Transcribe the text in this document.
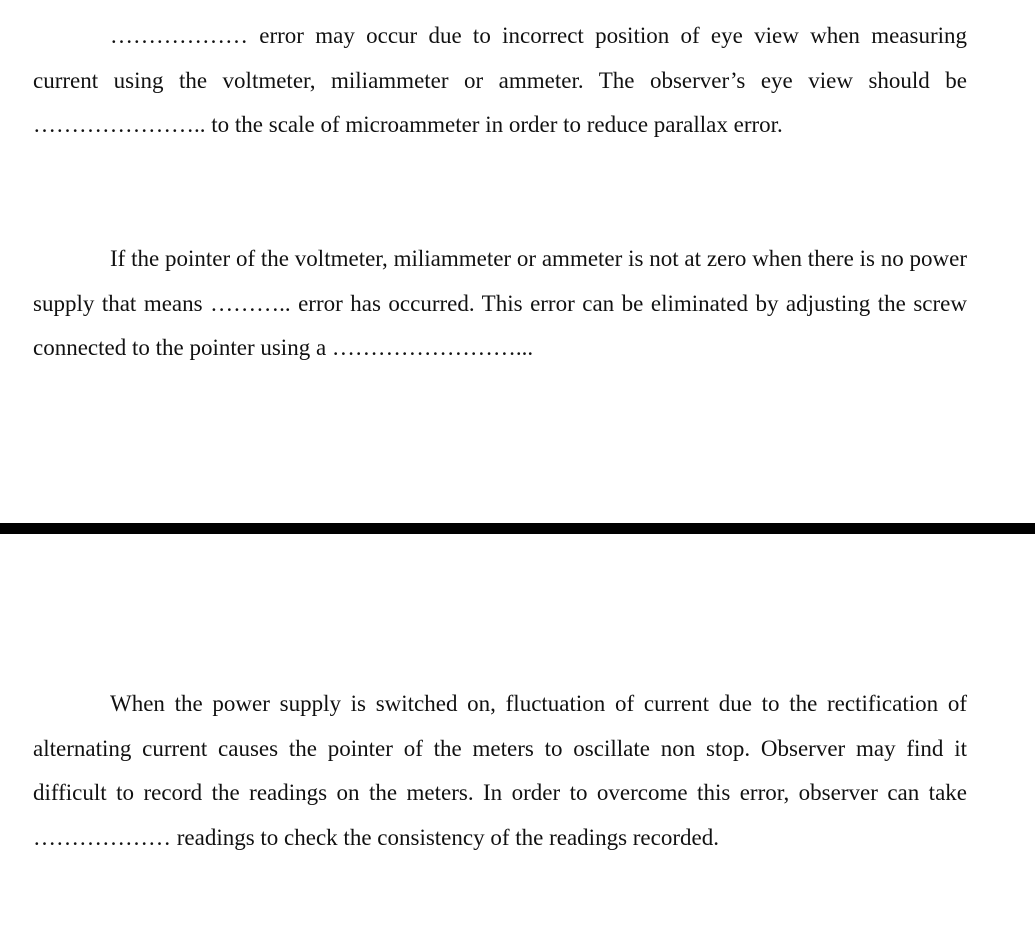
……………… error may occur due to incorrect position of eye view when measuring current using the voltmeter, miliammeter or ammeter. The observer’s eye view should be ………………….. to the scale of microammeter in order to reduce parallax error.

If the pointer of the voltmeter, miliammeter or ammeter is not at zero when there is no power supply that means ……….. error has occurred. This error can be eliminated by adjusting the screw connected to the pointer using a ……………………...

When the power supply is switched on, fluctuation of current due to the rectification of alternating current causes the pointer of the meters to oscillate non stop. Observer may find it difficult to record the readings on the meters. In order to overcome this error, observer can take ……………… readings to check the consistency of the readings recorded.
